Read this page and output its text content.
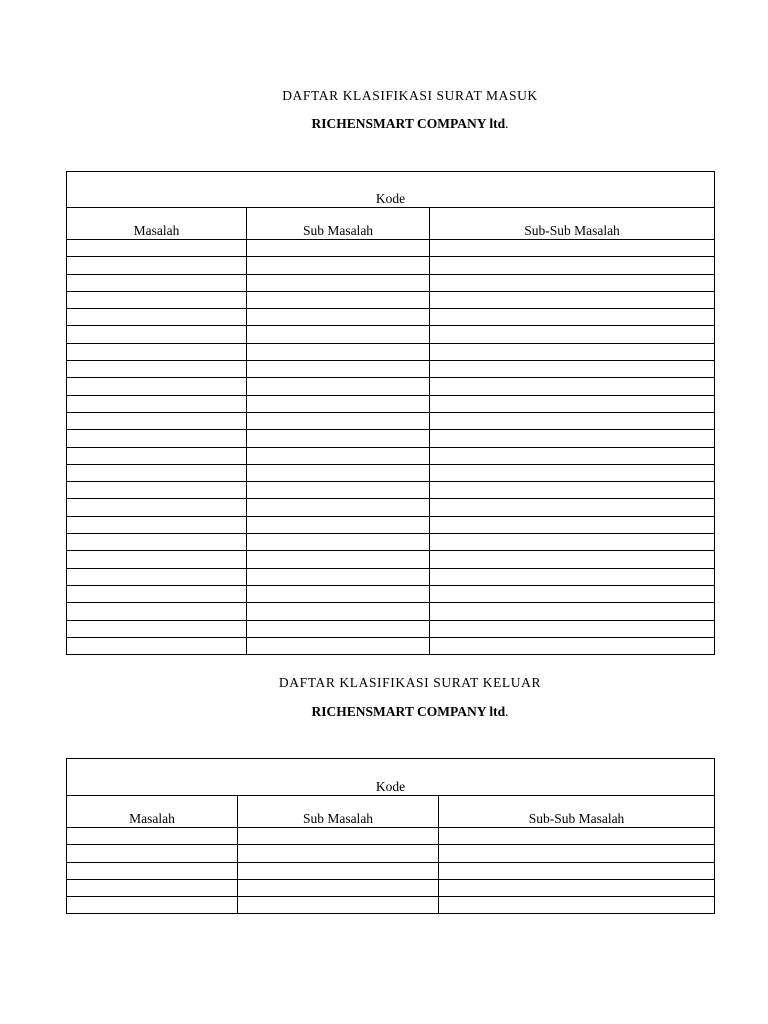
DAFTAR KLASIFIKASI SURAT MASUK
RICHENSMART COMPANY ltd.
Kode		
Masalah	Sub Masalah	Sub-Sub Masalah

DAFTAR KLASIFIKASI SURAT KELUAR
RICHENSMART COMPANY ltd.
Kode		
Masalah	Sub Masalah	Sub-Sub Masalah
